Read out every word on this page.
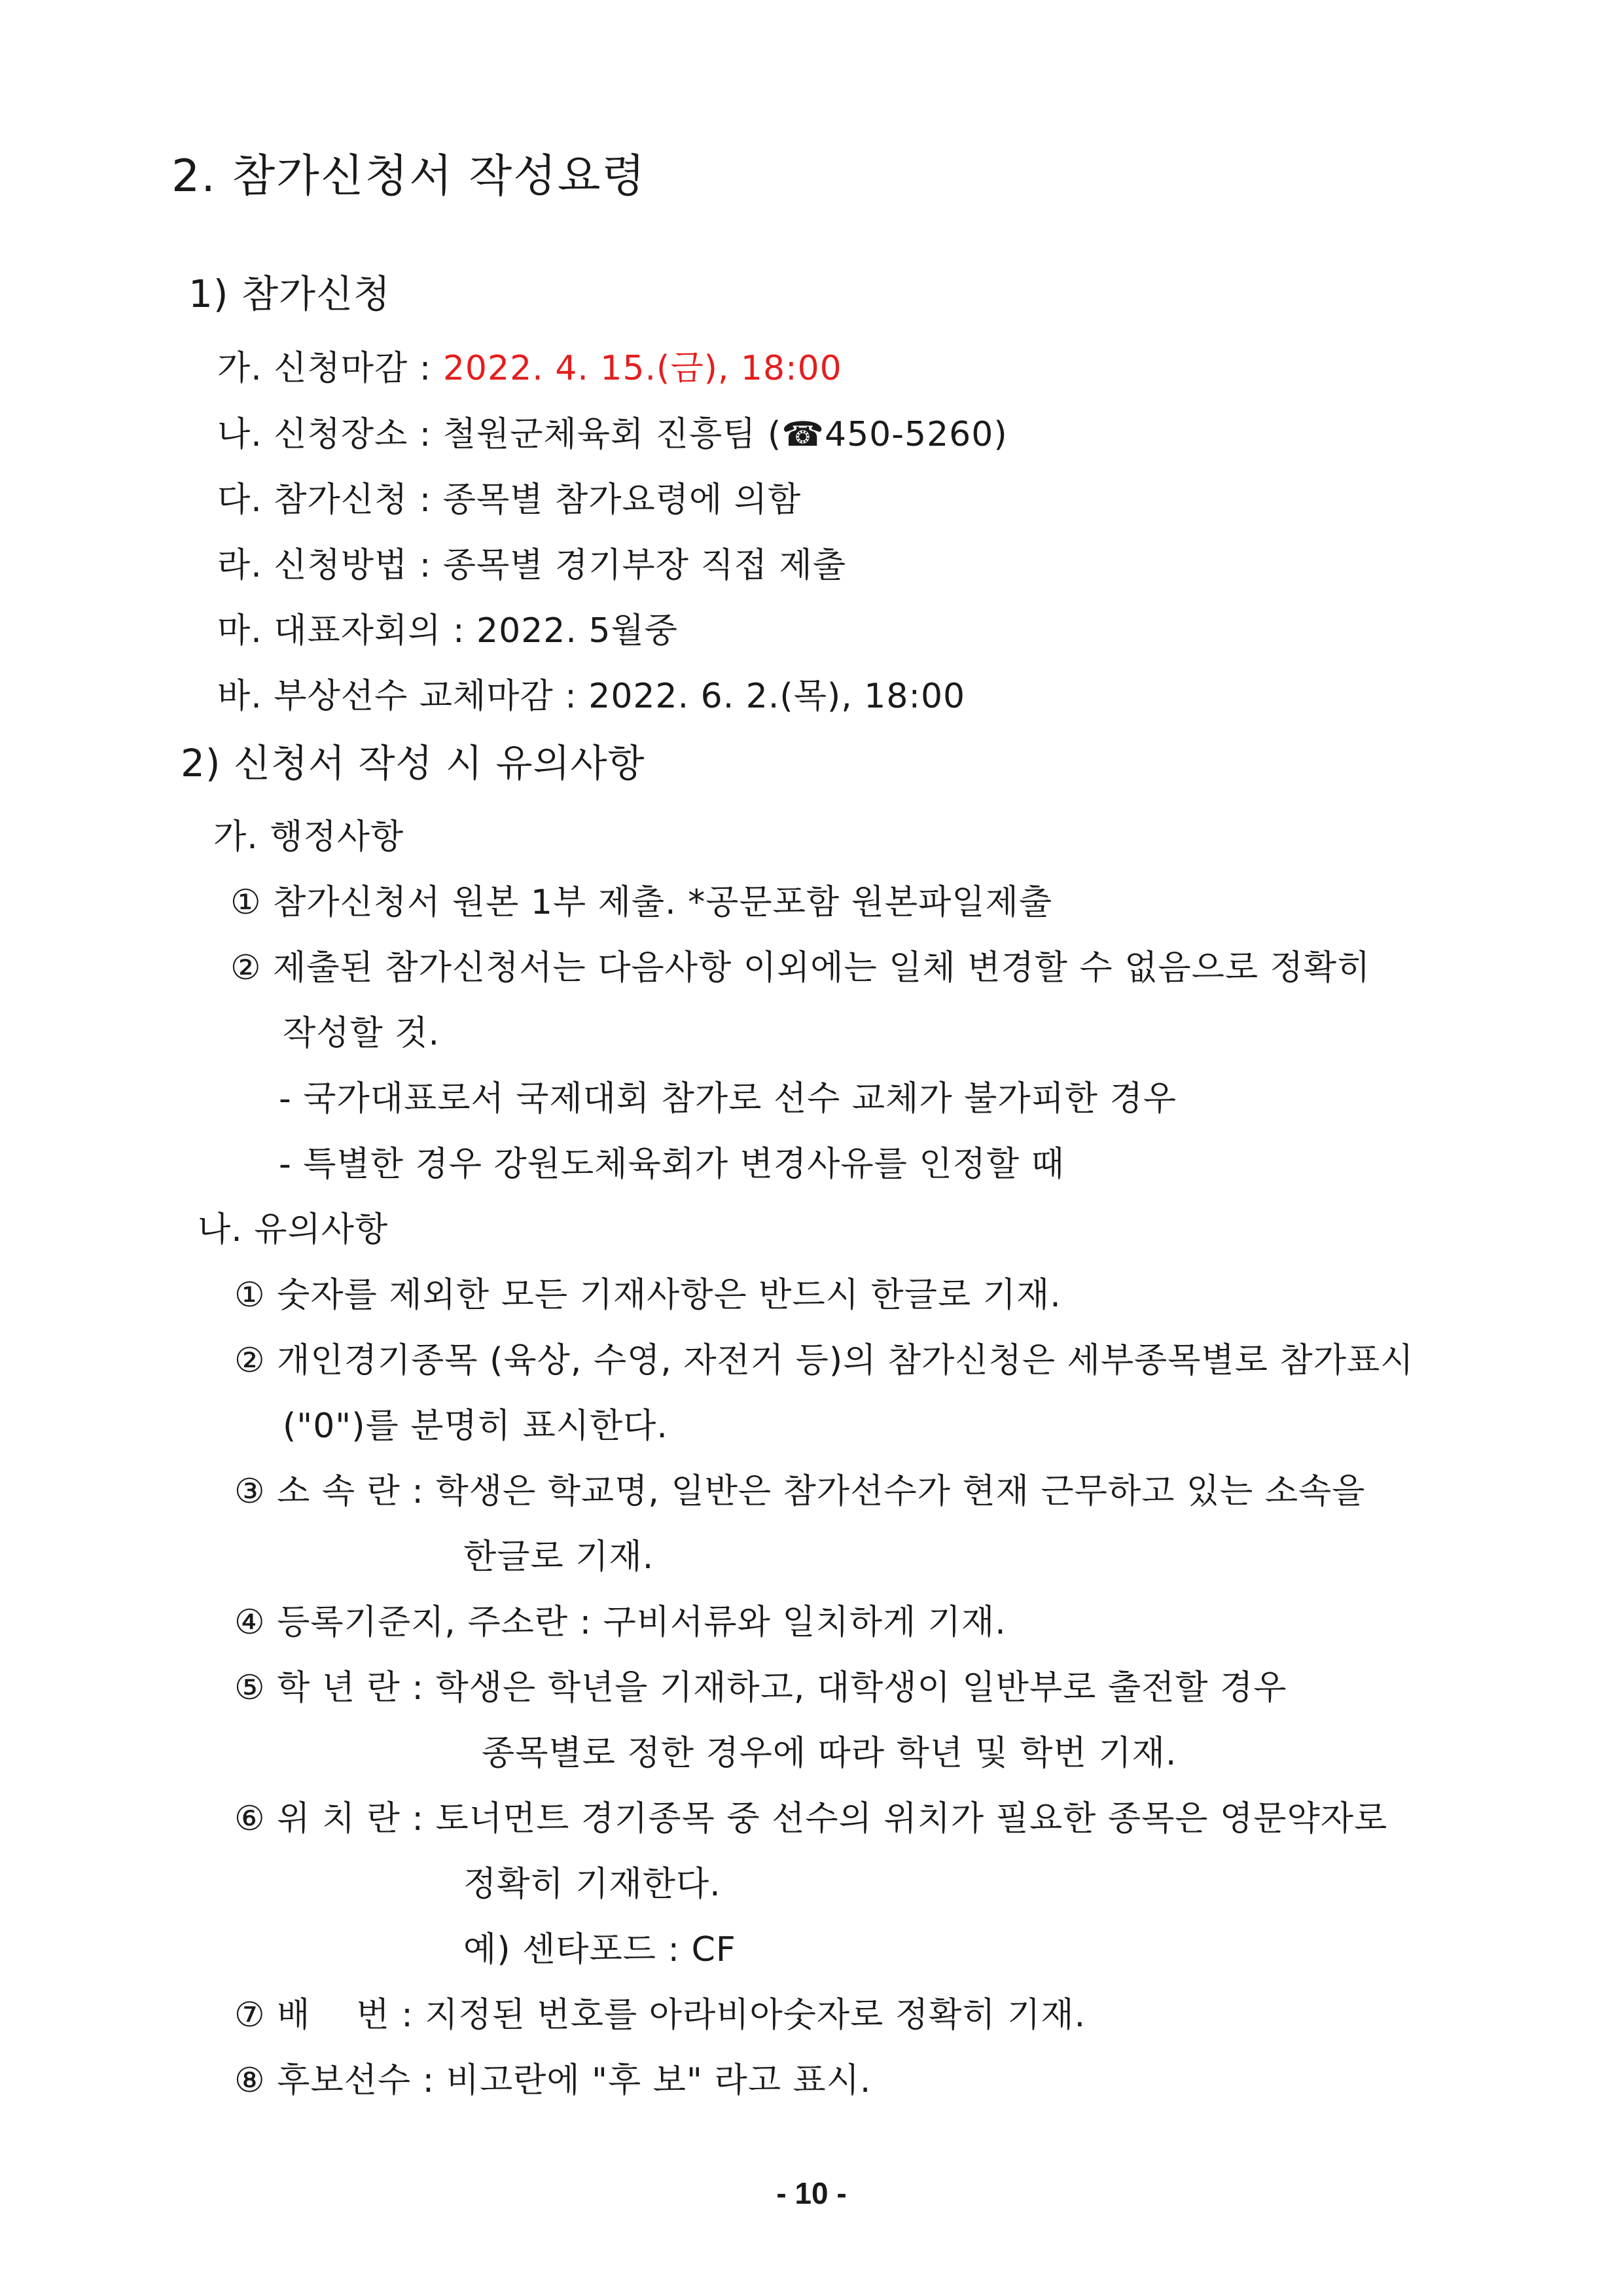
2. 참가신청서 작성요령
1) 참가신청
가. 신청마감 : 2022. 4. 15.(금), 18:00
나. 신청장소 : 철원군체육회 진흥팀 (☎450-5260)
다. 참가신청 : 종목별 참가요령에 의함
라. 신청방법 : 종목별 경기부장 직접 제출
마. 대표자회의 : 2022. 5월중
바. 부상선수 교체마감 : 2022. 6. 2.(목), 18:00
2) 신청서 작성 시 유의사항
가. 행정사항
① 참가신청서 원본 1부 제출. *공문포함 원본파일제출
② 제출된 참가신청서는 다음사항 이외에는 일체 변경할 수 없음으로 정확히
작성할 것.
- 국가대표로서 국제대회 참가로 선수 교체가 불가피한 경우
- 특별한 경우 강원도체육회가 변경사유를 인정할 때
나. 유의사항
① 숫자를 제외한 모든 기재사항은 반드시 한글로 기재.
② 개인경기종목 (육상, 수영, 자전거 등)의 참가신청은 세부종목별로 참가표시
("0")를 분명히 표시한다.
③ 소 속 란 : 학생은 학교명, 일반은 참가선수가 현재 근무하고 있는 소속을
한글로 기재.
④ 등록기준지, 주소란 : 구비서류와 일치하게 기재.
⑤ 학 년 란 : 학생은 학년을 기재하고, 대학생이 일반부로 출전할 경우
종목별로 정한 경우에 따라 학년 및 학번 기재.
⑥ 위 치 란 : 토너먼트 경기종목 중 선수의 위치가 필요한 종목은 영문약자로
정확히 기재한다.
예) 센타포드 : CF
⑦ 배    번 : 지정된 번호를 아라비아숫자로 정확히 기재.
⑧ 후보선수 : 비고란에 "후 보" 라고 표시.
- 10 -
